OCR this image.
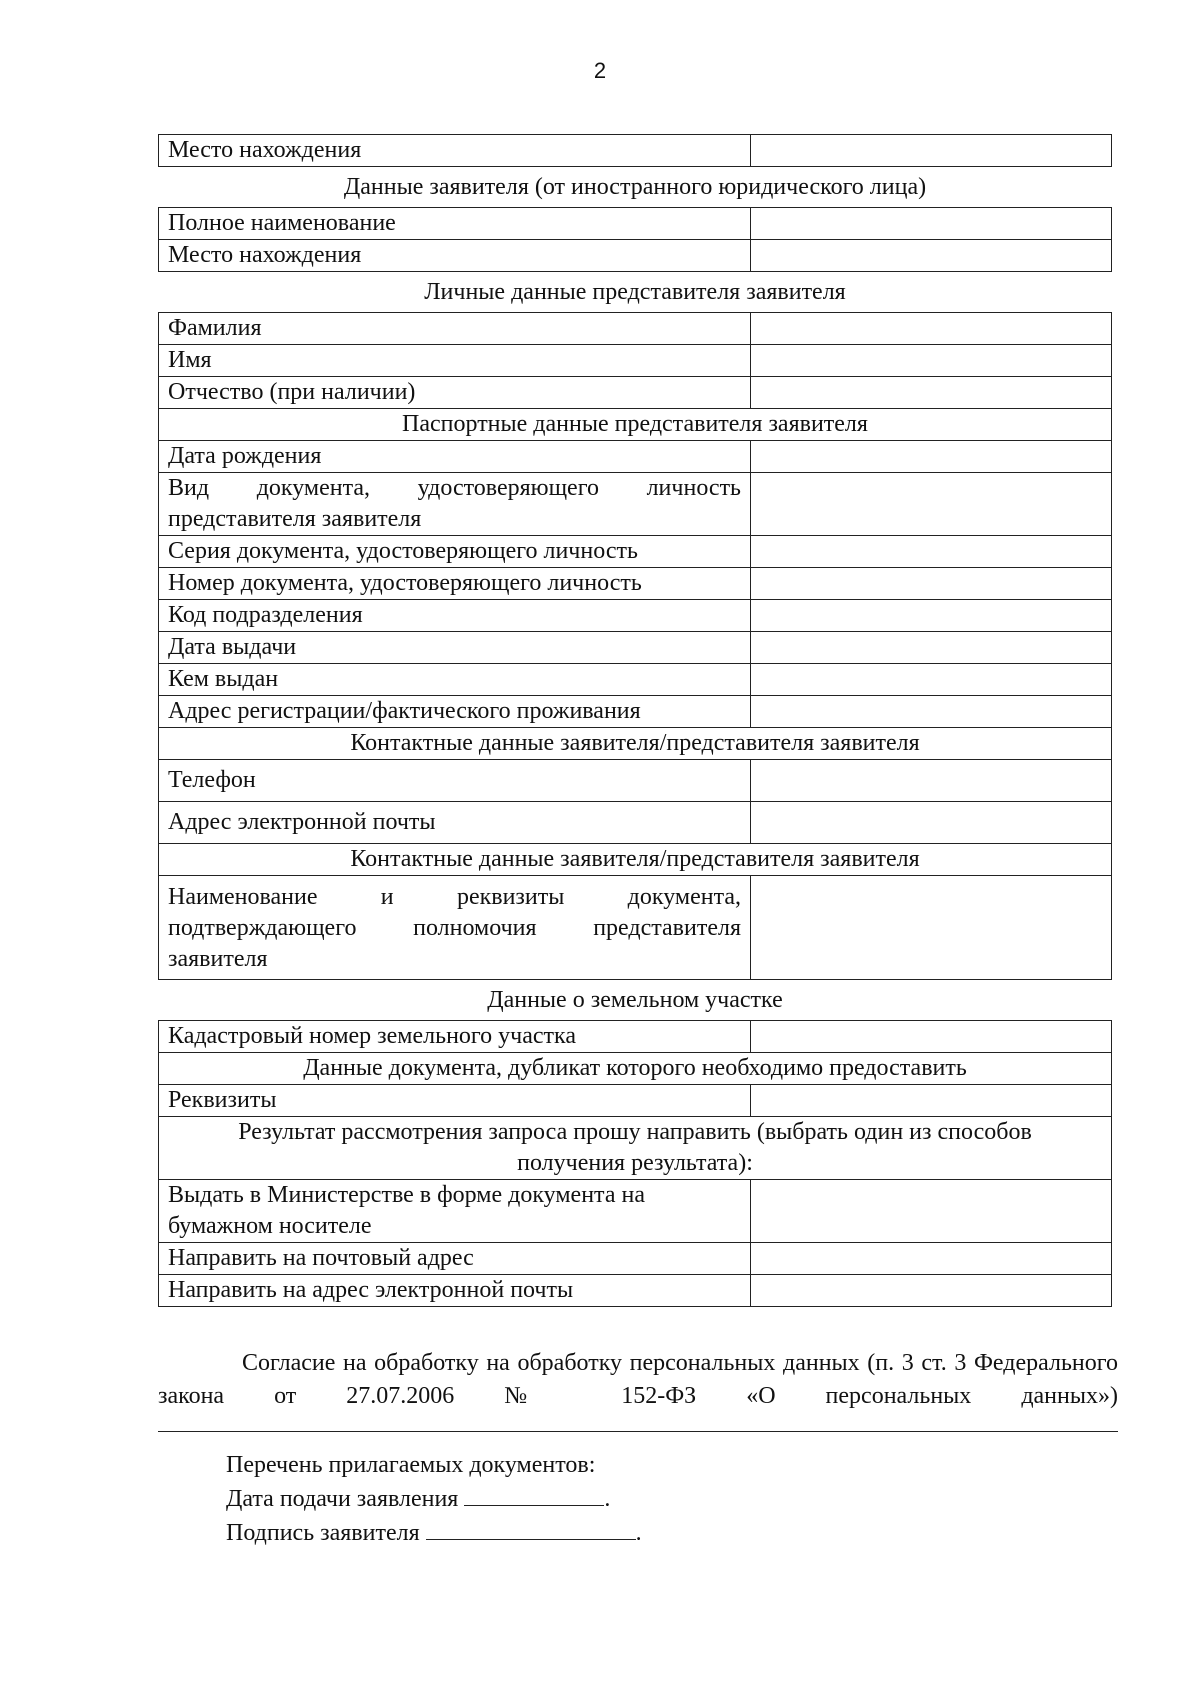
2
Место нахождения	
Данные заявителя (от иностранного юридического лица)
Полное наименование	
Место нахождения	
Личные данные представителя заявителя
Фамилия	
Имя	
Отчество (при наличии)	
Паспортные данные представителя заявителя	
Дата рождения	
Вид документа, удостоверяющего личность представителя заявителя	
Серия документа, удостоверяющего личность	
Номер документа, удостоверяющего личность	
Код подразделения	
Дата выдачи	
Кем выдан	
Адрес регистрации/фактического проживания	
Контактные данные заявителя/представителя заявителя	
Телефон	
Адрес электронной почты	
Контактные данные заявителя/представителя заявителя	
Наименование и реквизиты документа, подтверждающего полномочия представителя заявителя	
Данные о земельном участке
Кадастровый номер земельного участка	
Данные документа, дубликат которого необходимо предоставить	
Реквизиты	
Результат рассмотрения запроса прошу направить (выбрать один из способов получения результата):	
Выдать в Министерстве в форме документа на бумажном носителе	
Направить на почтовый адрес	
Направить на адрес электронной почты	
Согласие на обработку на обработку персональных данных (п. 3 ст. 3 Федерального закона от 27.07.2006 № 152-ФЗ «О персональных данных»)
Перечень прилагаемых документов:
Дата подачи заявления	.
Подпись заявителя	.
